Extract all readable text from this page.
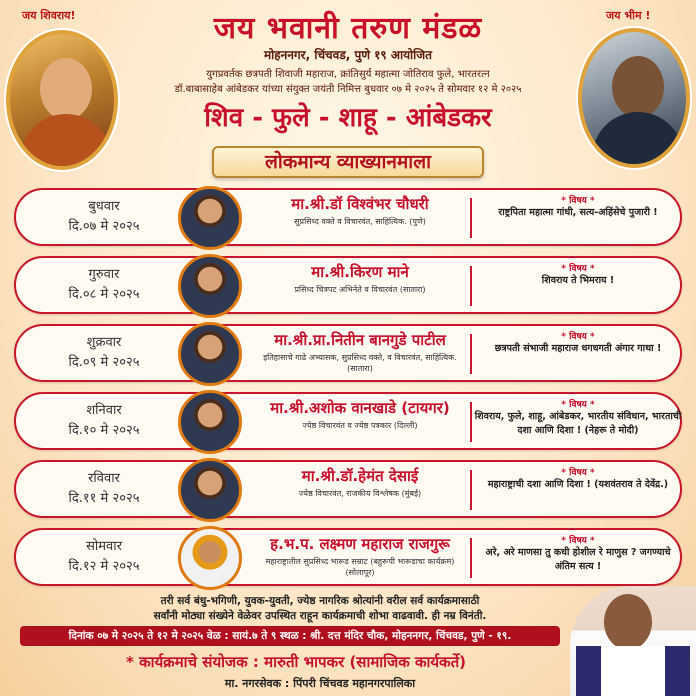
जय शिवराय!	जय भीम !
जय भवानी तरुण मंडळ
मोहननगर, चिंचवड, पुणे १९ आयोजित
युगप्रवर्तक छत्रपती शिवाजी महाराज, क्रांतिसुर्य महात्मा जोतिराव फुले, भारतरत्न
डॉ.बाबासाहेब आंबेडकर यांच्या संयुक्त जयंती निमित्त बुधवार ०७ मे २०२५ ते सोमवार १२ मे २०२५
शिव - फुले - शाहू - आंबेडकर
लोकमान्य व्याख्यानमाला
बुधवार
दि.०७ मे २०२५
मा.श्री.डॉ विश्वंभर चौधरी
सुप्रसिध्द वक्ते व विचारवंत, साहित्यिक. (पुणे)
* विषय *
राष्ट्रपिता महात्मा गांधी, सत्य-अहिंसेचे पुजारी !
गुरुवार
दि.०८ मे २०२५
मा.श्री.किरण माने
प्रसिध्द चित्रपट अभिनेते व विचारवंत (सातारा)
* विषय *
शिवराय ते भिमराय !
शुक्रवार
दि.०९ मे २०२५
मा.श्री.प्रा.नितीन बानगुडे पाटील
इतिहासाचे गाढे अभ्यासक, सुप्रसिध्द वक्ते, व विचारवंत, साहित्यिक. (सातारा)
* विषय *
छत्रपती संभाजी महाराज धगधगती अंगार गाथा !
शनिवार
दि.१० मे २०२५
मा.श्री.अशोक वानखाडे (टायगर)
ज्येष्ठ विचारवंत व ज्येष्ठ पत्रकार (दिल्ली)
* विषय *
शिवराय, फुले, शाहू, आंबेडकर, भारतीय संविधान, भारताची दशा आणि दिशा ! (नेहरू ते मोदी)
रविवार
दि.११ मे २०२५
मा.श्री.डॉ.हेमंत देसाई
ज्येष्ठ विचारवंत, राजकीय विश्लेषक (मुंबई)
* विषय *
महाराष्ट्राची दशा आणि दिशा ! (यशवंतराव ते देवेंद्र.)
सोमवार
दि.१२ मे २०२५
ह.भ.प. लक्ष्मण महाराज राजगुरू
महाराष्ट्रातील सुप्रसिध्द भारूड सम्राट (बहुरूपी भारूडाचा कार्यक्रम) (सोलापूर)
* विषय *
अरे, अरे माणसा तु कधी होशील रे माणुस ? जगण्याचे अंतिम सत्य !
तरी सर्व बंधु-भगिणी, युवक-युवती, ज्येष्ठ नागरिक श्रोत्यांनी वरील सर्व कार्यक्रमासाठी
सर्वांनी मोठ्या संख्येने वेळेवर उपस्थित राहून कार्यक्रमाची शोभा वाढवावी. ही नम्र विनंती.
दिनांक ०७ मे २०२५ ते १२ मे २०२५ वेळ : सायं.७ ते ९ स्थळ : श्री. दत्त मंदिर चौक, मोहननगर, चिंचवड, पुणे - १९.
* कार्यक्रमाचे संयोजक : मारुती भापकर (सामाजिक कार्यकर्ते)
मा. नगरसेवक : पिंपरी चिंचवड महानगरपालिका
